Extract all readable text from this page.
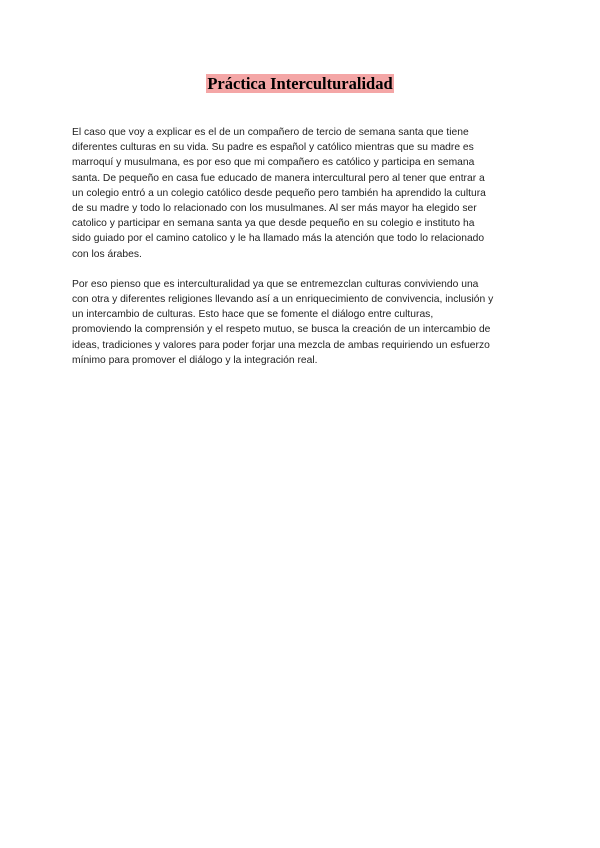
Práctica Interculturalidad

El caso que voy a explicar es el de un compañero de tercio de semana santa que tiene
diferentes culturas en su vida. Su padre es español y católico mientras que su madre es
marroquí y musulmana, es por eso que mi compañero es católico y participa en semana
santa. De pequeño en casa fue educado de manera intercultural pero al tener que entrar a
un colegio entró a un colegio católico desde pequeño pero también ha aprendido la cultura
de su madre y todo lo relacionado con los musulmanes. Al ser más mayor ha elegido ser
catolico y participar en semana santa ya que desde pequeño en su colegio e instituto ha
sido guiado por el camino catolico y le ha llamado más la atención que todo lo relacionado
con los árabes.

Por eso pienso que es interculturalidad ya que se entremezclan culturas conviviendo una
con otra y diferentes religiones llevando así a un enriquecimiento de convivencia, inclusión y
un intercambio de culturas. Esto hace que se fomente el diálogo entre culturas,
promoviendo la comprensión y el respeto mutuo, se busca la creación de un intercambio de
ideas, tradiciones y valores para poder forjar una mezcla de ambas requiriendo un esfuerzo
mínimo para promover el diálogo y la integración real.
